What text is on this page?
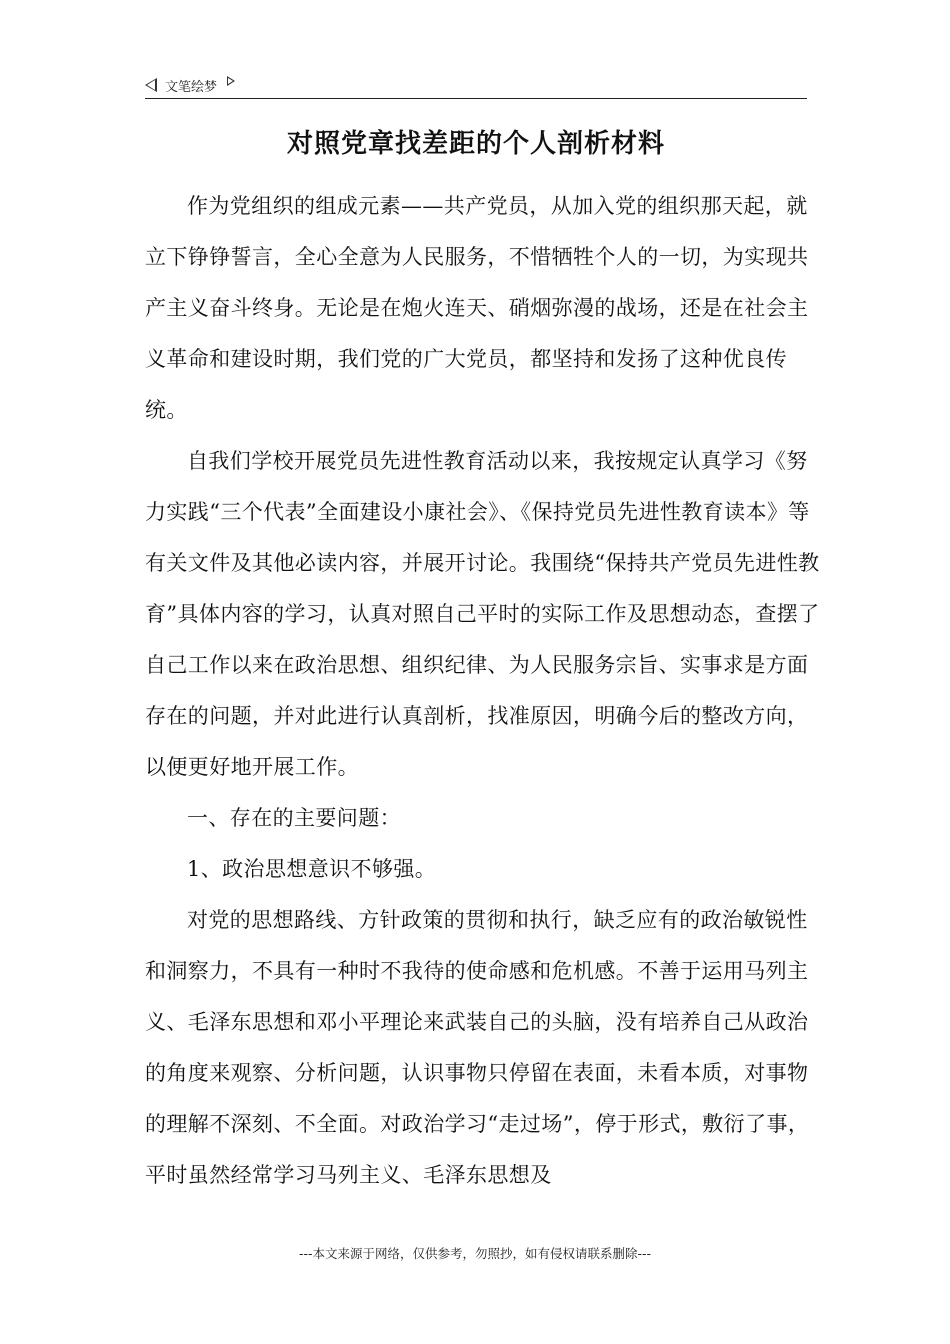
文笔绘梦
对照党章找差距的个人剖析材料

作为党组织的组成元素——共产党员，从加入党的组织那天起，就立下铮铮誓言，全心全意为人民服务，不惜牺牲个人的一切，为实现共产主义奋斗终身。无论是在炮火连天、硝烟弥漫的战场，还是在社会主义革命和建设时期，我们党的广大党员，都坚持和发扬了这种优良传统。

自我们学校开展党员先进性教育活动以来，我按规定认真学习《努力实践“三个代表”全面建设小康社会》、《保持党员先进性教育读本》等有关文件及其他必读内容，并展开讨论。我围绕“保持共产党员先进性教育”具体内容的学习，认真对照自己平时的实际工作及思想动态，查摆了自己工作以来在政治思想、组织纪律、为人民服务宗旨、实事求是方面存在的问题，并对此进行认真剖析，找准原因，明确今后的整改方向，以便更好地开展工作。

一、存在的主要问题：

1、政治思想意识不够强。

对党的思想路线、方针政策的贯彻和执行，缺乏应有的政治敏锐性和洞察力，不具有一种时不我待的使命感和危机感。不善于运用马列主义、毛泽东思想和邓小平理论来武装自己的头脑，没有培养自己从政治的角度来观察、分析问题，认识事物只停留在表面，未看本质，对事物的理解不深刻、不全面。对政治学习“走过场”，停于形式，敷衍了事，平时虽然经常学习马列主义、毛泽东思想及

---本文来源于网络，仅供参考，勿照抄，如有侵权请联系删除---
